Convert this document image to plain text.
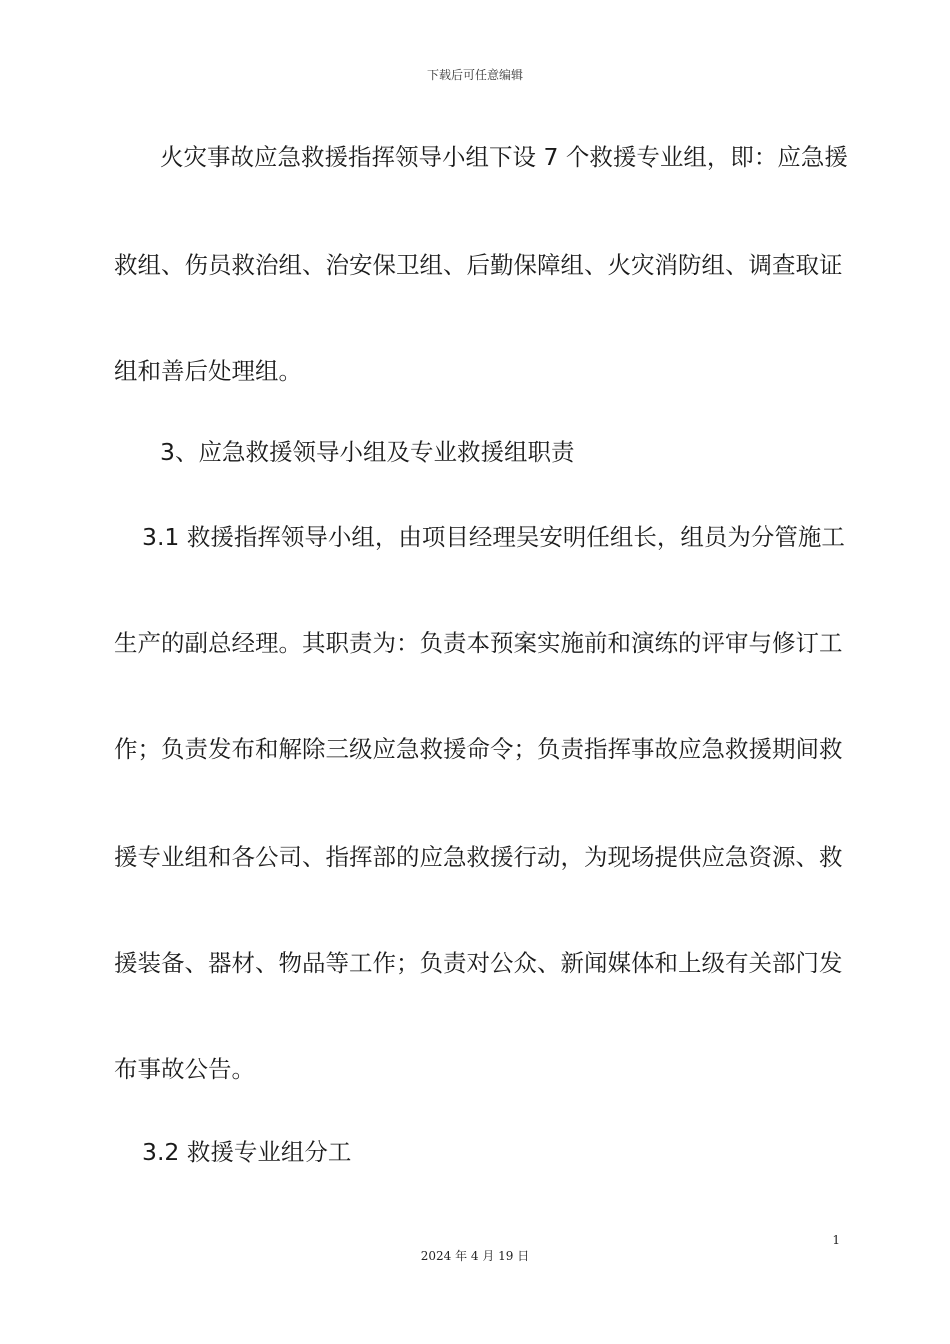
下载后可任意编辑
火灾事故应急救援指挥领导小组下设 7 个救援专业组，即：应急援
救组、伤员救治组、治安保卫组、后勤保障组、火灾消防组、调查取证
组和善后处理组。
3、应急救援领导小组及专业救援组职责
3.1 救援指挥领导小组，由项目经理吴安明任组长，组员为分管施工
生产的副总经理。其职责为：负责本预案实施前和演练的评审与修订工
作；负责发布和解除三级应急救援命令；负责指挥事故应急救援期间救
援专业组和各公司、指挥部的应急救援行动，为现场提供应急资源、救
援装备、器材、物品等工作；负责对公众、新闻媒体和上级有关部门发
布事故公告。
3.2 救援专业组分工
1
2024 年 4 月 19 日
